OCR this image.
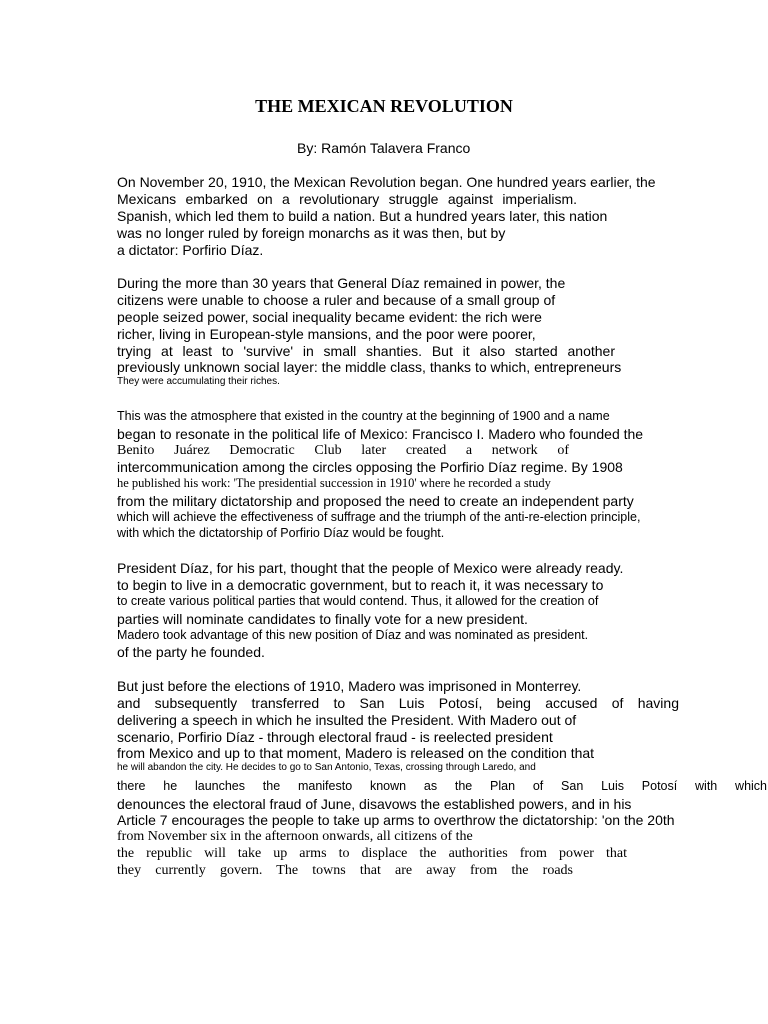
THE MEXICAN REVOLUTION
By: Ramón Talavera Franco
On November 20, 1910, the Mexican Revolution began. One hundred years earlier, the
Mexicans embarked on a revolutionary struggle against imperialism.
Spanish, which led them to build a nation. But a hundred years later, this nation
was no longer ruled by foreign monarchs as it was then, but by
a dictator: Porfirio Díaz.
During the more than 30 years that General Díaz remained in power, the
citizens were unable to choose a ruler and because of a small group of
people seized power, social inequality became evident: the rich were
richer, living in European-style mansions, and the poor were poorer,
trying at least to 'survive' in small shanties. But it also started another
previously unknown social layer: the middle class, thanks to which, entrepreneurs
They were accumulating their riches.
This was the atmosphere that existed in the country at the beginning of 1900 and a name
began to resonate in the political life of Mexico: Francisco I. Madero who founded the
Benito Juárez Democratic Club later created a network of
intercommunication among the circles opposing the Porfirio Díaz regime. By 1908
he published his work: 'The presidential succession in 1910' where he recorded a study
from the military dictatorship and proposed the need to create an independent party
which will achieve the effectiveness of suffrage and the triumph of the anti-re-election principle,
with which the dictatorship of Porfirio Díaz would be fought.
President Díaz, for his part, thought that the people of Mexico were already ready.
to begin to live in a democratic government, but to reach it, it was necessary to
to create various political parties that would contend. Thus, it allowed for the creation of
parties will nominate candidates to finally vote for a new president.
Madero took advantage of this new position of Díaz and was nominated as president.
of the party he founded.
But just before the elections of 1910, Madero was imprisoned in Monterrey.
and subsequently transferred to San Luis Potosí, being accused of having
delivering a speech in which he insulted the President. With Madero out of
scenario, Porfirio Díaz - through electoral fraud - is reelected president
from Mexico and up to that moment, Madero is released on the condition that
he will abandon the city. He decides to go to San Antonio, Texas, crossing through Laredo, and
there he launches the manifesto known as the Plan of San Luis Potosí with which
denounces the electoral fraud of June, disavows the established powers, and in his
Article 7 encourages the people to take up arms to overthrow the dictatorship: 'on the 20th
from November six in the afternoon onwards, all citizens of the
the republic will take up arms to displace the authorities from power that
they currently govern. The towns that are away from the roads
